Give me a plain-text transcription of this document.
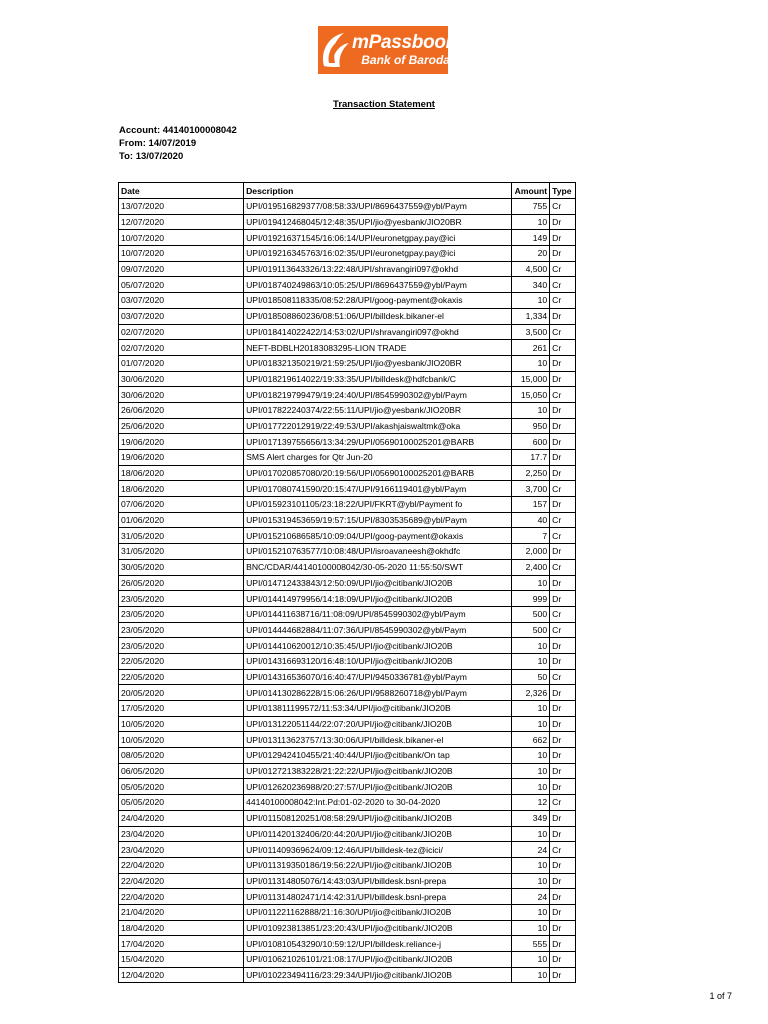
mPassbook
Bank of Baroda
Transaction Statement
Account: 44140100008042
From: 14/07/2019
To: 13/07/2020
Date	Description	Amount	Type
13/07/2020	UPI/019516829377/08:58:33/UPI/8696437559@ybl/Paym	755	Cr
12/07/2020	UPI/019412468045/12:48:35/UPI/jio@yesbank/JIO20BR	10	Dr
10/07/2020	UPI/019216371545/16:06:14/UPI/euronetgpay.pay@ici	149	Dr
10/07/2020	UPI/019216345763/16:02:35/UPI/euronetgpay.pay@ici	20	Dr
09/07/2020	UPI/019113643326/13:22:48/UPI/shravangiri097@okhd	4,500	Cr
05/07/2020	UPI/018740249863/10:05:25/UPI/8696437559@ybl/Paym	340	Cr
03/07/2020	UPI/018508118335/08:52:28/UPI/goog-payment@okaxis	10	Cr
03/07/2020	UPI/018508860236/08:51:06/UPI/billdesk.bikaner-el	1,334	Dr
02/07/2020	UPI/018414022422/14:53:02/UPI/shravangiri097@okhd	3,500	Cr
02/07/2020	NEFT-BDBLH20183083295-LION TRADE	261	Cr
01/07/2020	UPI/018321350219/21:59:25/UPI/jio@yesbank/JIO20BR	10	Dr
30/06/2020	UPI/018219614022/19:33:35/UPI/billdesk@hdfcbank/C	15,000	Dr
30/06/2020	UPI/018219799479/19:24:40/UPI/8545990302@ybl/Paym	15,050	Cr
26/06/2020	UPI/017822240374/22:55:11/UPI/jio@yesbank/JIO20BR	10	Dr
25/06/2020	UPI/017722012919/22:49:53/UPI/akashjaiswaltmk@oka	950	Dr
19/06/2020	UPI/017139755656/13:34:29/UPI/05690100025201@BARB	600	Dr
19/06/2020	SMS Alert charges for Qtr Jun-20	17.7	Dr
18/06/2020	UPI/017020857080/20:19:56/UPI/05690100025201@BARB	2,250	Dr
18/06/2020	UPI/017080741590/20:15:47/UPI/9166119401@ybl/Paym	3,700	Cr
07/06/2020	UPI/015923101105/23:18:22/UPI/FKRT@ybl/Payment fo	157	Dr
01/06/2020	UPI/015319453659/19:57:15/UPI/8303535689@ybl/Paym	40	Cr
31/05/2020	UPI/015210686585/10:09:04/UPI/goog-payment@okaxis	7	Cr
31/05/2020	UPI/015210763577/10:08:48/UPI/isroavaneesh@okhdfc	2,000	Dr
30/05/2020	BNC/CDAR/44140100008042/30-05-2020 11:55:50/SWT	2,400	Cr
26/05/2020	UPI/014712433843/12:50:09/UPI/jio@citibank/JIO20B	10	Dr
23/05/2020	UPI/014414979956/14:18:09/UPI/jio@citibank/JIO20B	999	Dr
23/05/2020	UPI/014411638716/11:08:09/UPI/8545990302@ybl/Paym	500	Cr
23/05/2020	UPI/014444682884/11:07:36/UPI/8545990302@ybl/Paym	500	Cr
23/05/2020	UPI/014410620012/10:35:45/UPI/jio@citibank/JIO20B	10	Dr
22/05/2020	UPI/014316693120/16:48:10/UPI/jio@citibank/JIO20B	10	Dr
22/05/2020	UPI/014316536070/16:40:47/UPI/9450336781@ybl/Paym	50	Cr
20/05/2020	UPI/014130286228/15:06:26/UPI/9588260718@ybl/Paym	2,326	Dr
17/05/2020	UPI/013811199572/11:53:34/UPI/jio@citibank/JIO20B	10	Dr
10/05/2020	UPI/013122051144/22:07:20/UPI/jio@citibank/JIO20B	10	Dr
10/05/2020	UPI/013113623757/13:30:06/UPI/billdesk.bikaner-el	662	Dr
08/05/2020	UPI/012942410455/21:40:44/UPI/jio@citibank/On tap	10	Dr
06/05/2020	UPI/012721383228/21:22:22/UPI/jio@citibank/JIO20B	10	Dr
05/05/2020	UPI/012620236988/20:27:57/UPI/jio@citibank/JIO20B	10	Dr
05/05/2020	44140100008042:Int.Pd:01-02-2020 to 30-04-2020	12	Cr
24/04/2020	UPI/011508120251/08:58:29/UPI/jio@citibank/JIO20B	349	Dr
23/04/2020	UPI/011420132406/20:44:20/UPI/jio@citibank/JIO20B	10	Dr
23/04/2020	UPI/011409369624/09:12:46/UPI/billdesk-tez@icici/	24	Cr
22/04/2020	UPI/011319350186/19:56:22/UPI/jio@citibank/JIO20B	10	Dr
22/04/2020	UPI/011314805076/14:43:03/UPI/billdesk.bsnl-prepa	10	Dr
22/04/2020	UPI/011314802471/14:42:31/UPI/billdesk.bsnl-prepa	24	Dr
21/04/2020	UPI/011221162888/21:16:30/UPI/jio@citibank/JIO20B	10	Dr
18/04/2020	UPI/010923813851/23:20:43/UPI/jio@citibank/JIO20B	10	Dr
17/04/2020	UPI/010810543290/10:59:12/UPI/billdesk.reliance-j	555	Dr
15/04/2020	UPI/010621026101/21:08:17/UPI/jio@citibank/JIO20B	10	Dr
12/04/2020	UPI/010223494116/23:29:34/UPI/jio@citibank/JIO20B	10	Dr
1 of 7
